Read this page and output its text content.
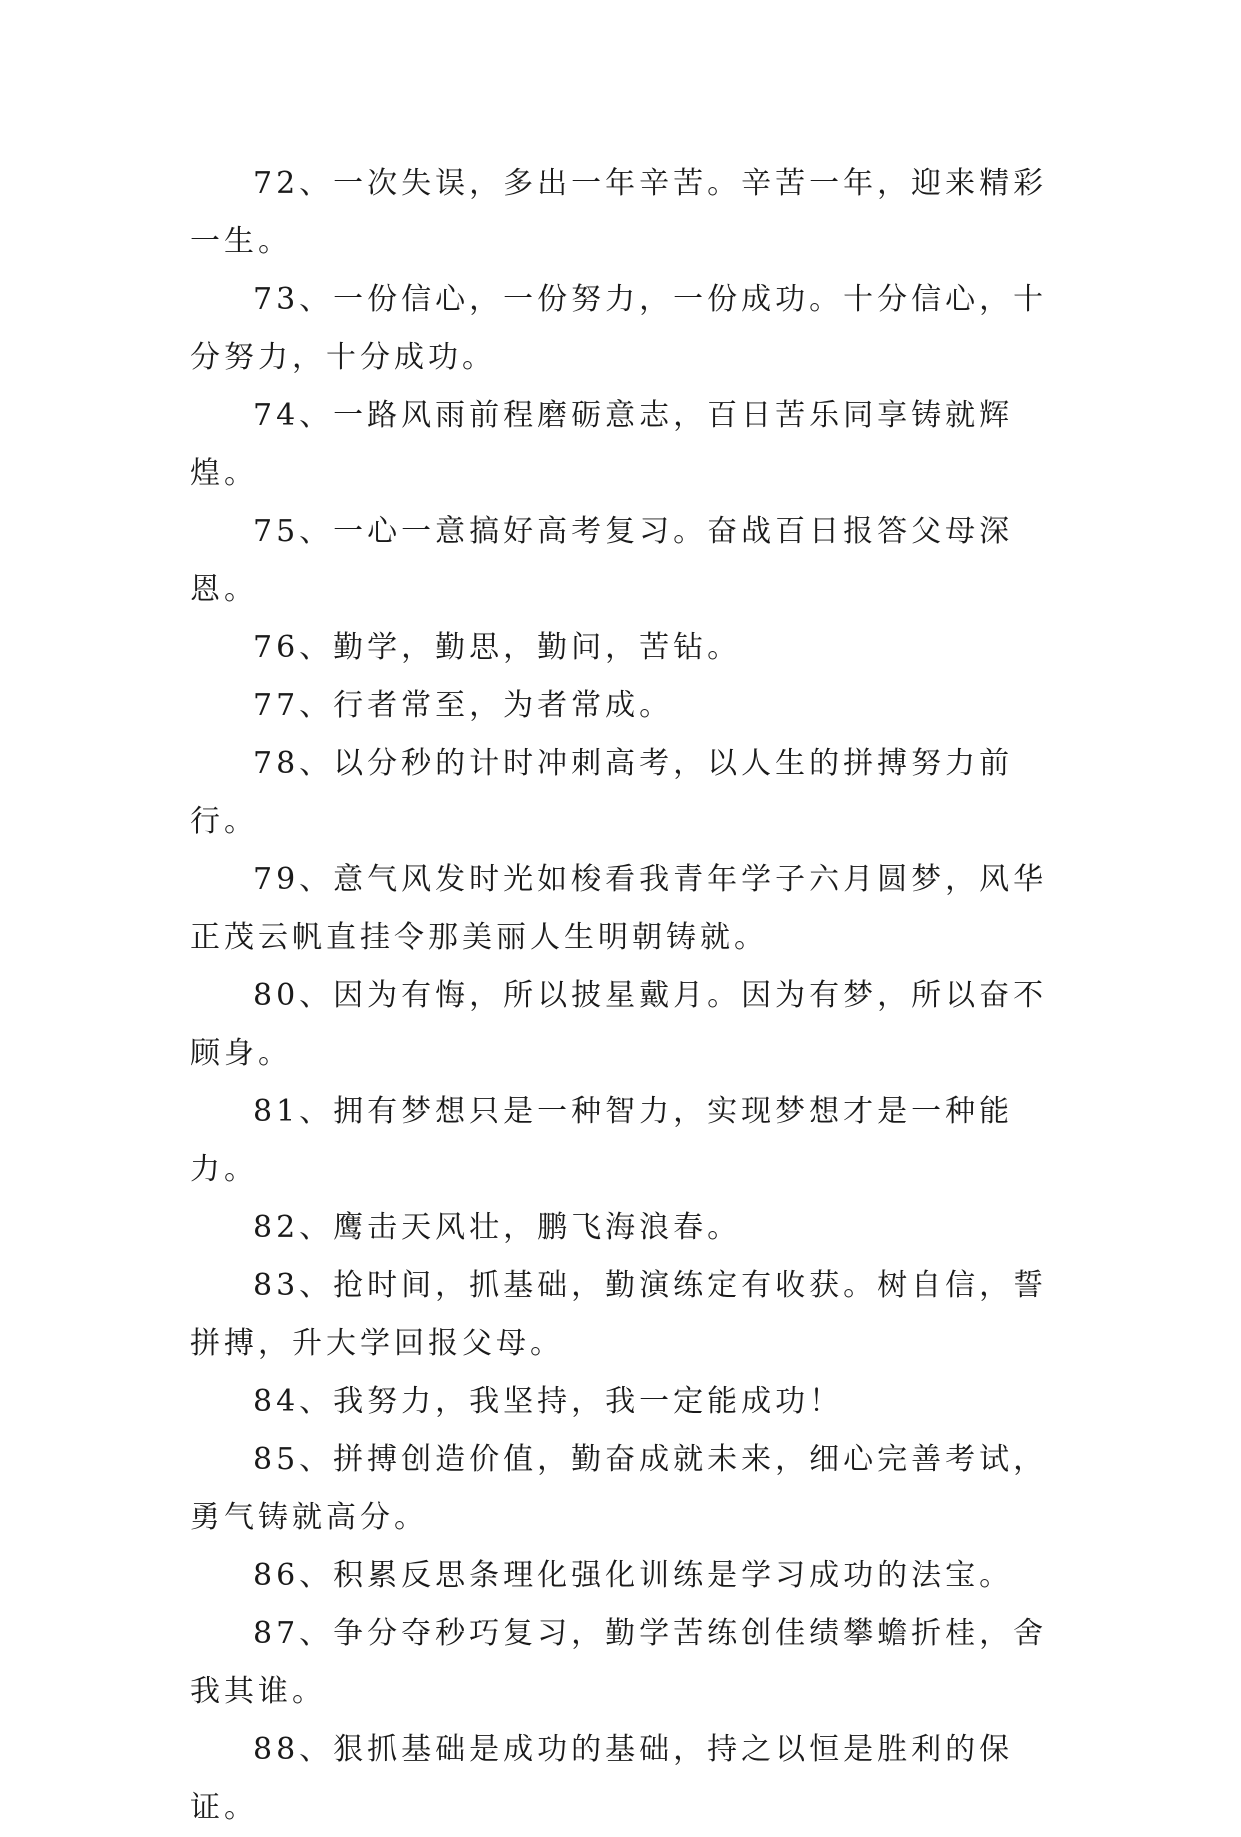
72、一次失误，多出一年辛苦。辛苦一年，迎来精彩一生。

73、一份信心，一份努力，一份成功。十分信心，十分努力，十分成功。

74、一路风雨前程磨砺意志，百日苦乐同享铸就辉煌。

75、一心一意搞好高考复习。奋战百日报答父母深恩。

76、勤学，勤思，勤问，苦钻。

77、行者常至，为者常成。

78、以分秒的计时冲刺高考，以人生的拼搏努力前行。

79、意气风发时光如梭看我青年学子六月圆梦，风华正茂云帆直挂令那美丽人生明朝铸就。

80、因为有悔，所以披星戴月。因为有梦，所以奋不顾身。

81、拥有梦想只是一种智力，实现梦想才是一种能力。

82、鹰击天风壮，鹏飞海浪春。

83、抢时间，抓基础，勤演练定有收获。树自信，誓拼搏，升大学回报父母。

84、我努力，我坚持，我一定能成功！

85、拼搏创造价值，勤奋成就未来，细心完善考试，勇气铸就高分。

86、积累反思条理化强化训练是学习成功的法宝。

87、争分夺秒巧复习，勤学苦练创佳绩攀蟾折桂，舍我其谁。

88、狠抓基础是成功的基础，持之以恒是胜利的保证。
